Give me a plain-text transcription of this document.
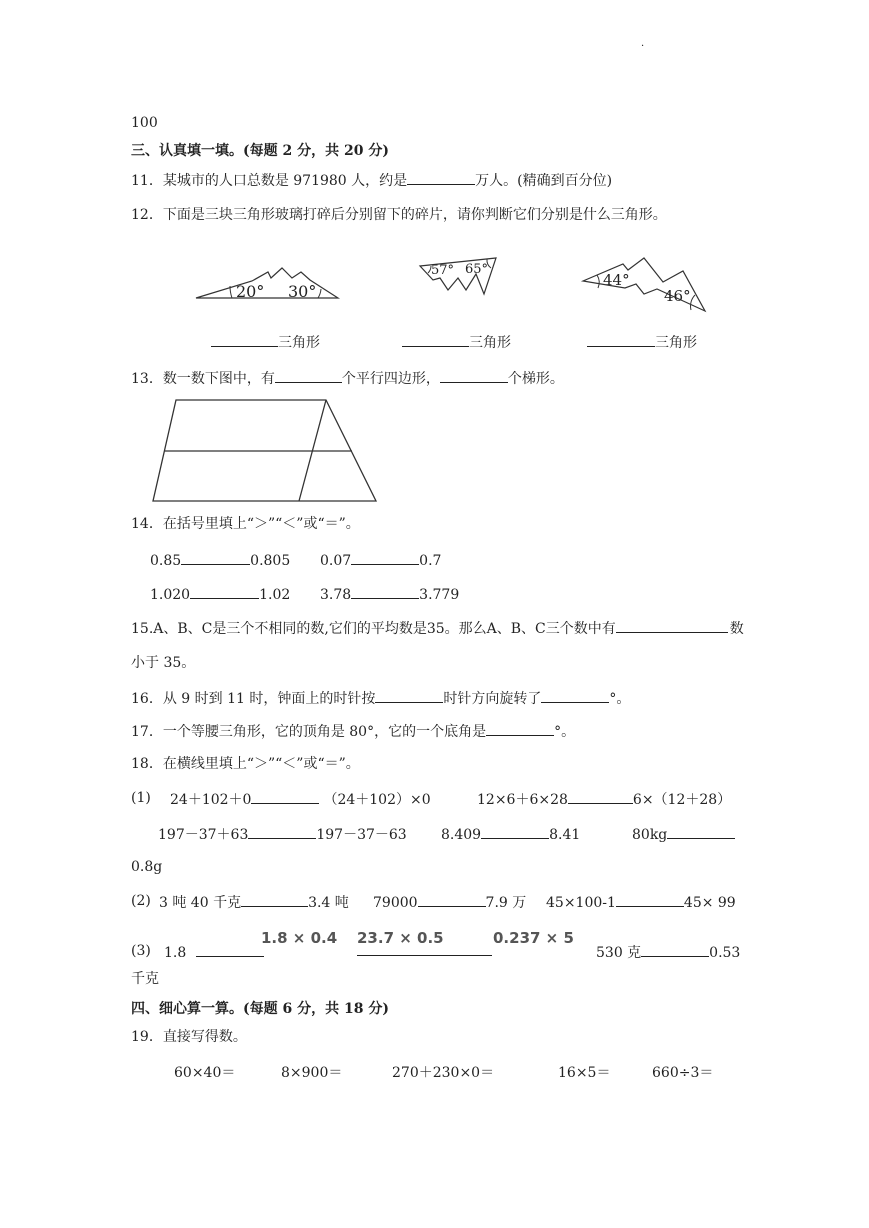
·
100
三、认真填一填。(每题 2 分，共 20 分)
11．某城市的人口总数是 971980 人，约是	万人。(精确到百分位)
12．下面是三块三角形玻璃打碎后分别留下的碎片，请你判断它们分别是什么三角形。
20° 30°
57° 65°
44°
46°
三角形	三角形	三角形
13．数一数下图中，有	个平行四边形，	个梯形。
14．在括号里填上“＞”“＜”或“＝”。
0.85	0.805 0.07	0.7
1.020	1.02 3.78	3.779
15.A、B、C是三个不相同的数,它们的平均数是35。那么A、B、C三个数中有	数
小于 35。
16．从 9 时到 11 时，钟面上的时针按	时针方向旋转了	°。
17．一个等腰三角形，它的顶角是 80°，它的一个底角是	°。
18．在横线里填上“＞”“＜”或“＝”。
(1) 24＋102＋0	（24＋102）×0	12×6＋6×28	6×（12＋28）
197－37＋63	197－37－63 8.409	8.41	80kg
0.8g
(2) 3 吨 40 千克	3.4 吨 79000	7.9 万 45×100-1	45× 99
(3) 1.8
1.8 × 0.4 23.7 × 0.5	0.237 × 5
530 克	0.53
千克
四、细心算一算。(每题 6 分，共 18 分)
19．直接写得数。
60×40＝	8×900＝	270＋230×0＝	16×5＝	660÷3＝
